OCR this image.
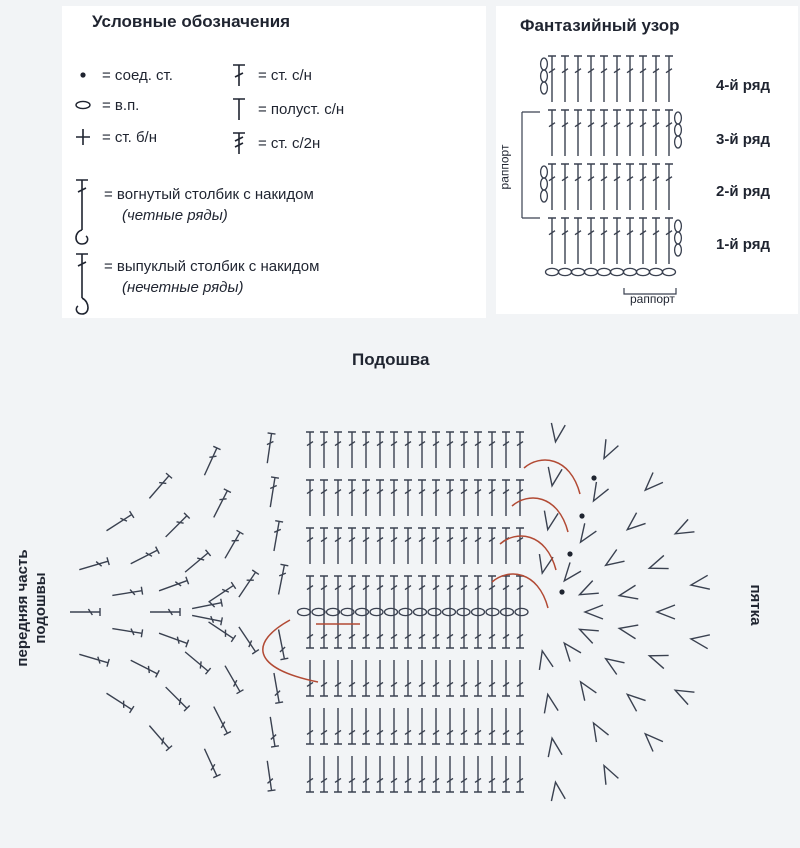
Условные обозначения
= соед. ст.
= в.п.
= ст. б/н
= ст. с/н
= полуст. с/н
= ст. с/2н
= вогнутый столбик с накидом
(четные ряды)
= выпуклый столбик с накидом
(нечетные ряды)
Фантазийный узор
4-й ряд
3-й ряд
2-й ряд
1-й ряд
раппорт
раппорт
Подошва
передняя часть
подошвы	пятка
